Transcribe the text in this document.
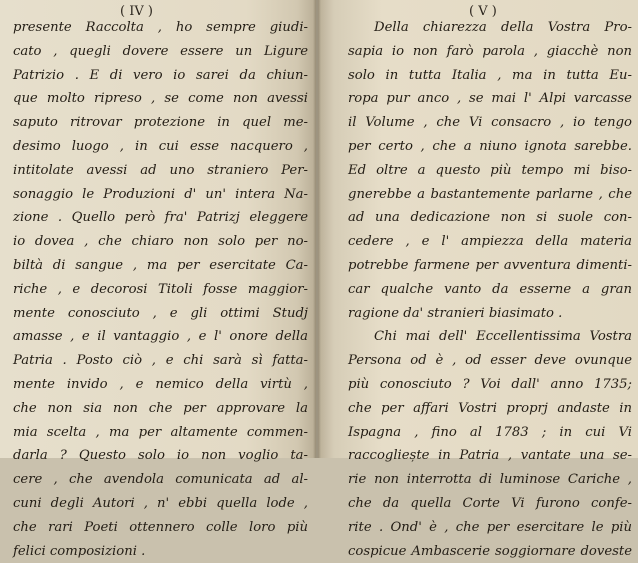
( IV )
presente Raccolta , ho sempre giudi-
cato , quegli dovere essere un Ligure
Patrizio . E di vero io sarei da chiun-
que molto ripreso , se come non avessi
saputo ritrovar protezione in quel me-
desimo luogo , in cui esse nacquero ,
intitolate avessi ad uno straniero Per-
sonaggio le Produzioni d' un' intera Na-
zione . Quello però fra' Patrizj eleggere
io dovea , che chiaro non solo per no-
biltà di sangue , ma per esercitate Ca-
riche , e decorosi Titoli fosse maggior-
mente conosciuto , e gli ottimi Studj
amasse , e il vantaggio , e l' onore della
Patria . Posto ciò , e chi sarà sì fatta-
mente invido , e nemico della virtù ,
che non sia non che per approvare la
mia scelta , ma per altamente commen-
darla ? Questo solo io non voglio ta-
cere , che avendola comunicata ad al-
cuni degli Autori , n' ebbi quella lode ,
che rari Poeti ottennero colle loro più
felici composizioni .
( V )
Della chiarezza della Vostra Pro-
sapia io non farò parola , giacchè non
solo in tutta Italia , ma in tutta Eu-
ropa pur anco , se mai l' Alpi varcasse
il Volume , che Vi consacro , io tengo
per certo , che a niuno ignota sarebbe.
Ed oltre a questo più tempo mi biso-
gnerebbe a bastantemente parlarne , che
ad una dedicazione non si suole con-
cedere , e l' ampiezza della materia
potrebbe farmene per avventura dimenti-
car qualche vanto da esserne a gran
ragione da' stranieri biasimato .
Chi mai dell' Eccellentissima Vostra
Persona od è , od esser deve ovunque
più conosciuto ? Voi dall' anno 1735;
che per affari Vostri proprj andaste in
Ispagna , fino al 1783 ; in cui Vi
raccogliește in Patria , vantate una se-
rie non interrotta di luminose Cariche ,
che da quella Corte Vi furono confe-
rite . Ond' è , che per esercitare le più
cospicue Ambascerie soggiornare doveste
